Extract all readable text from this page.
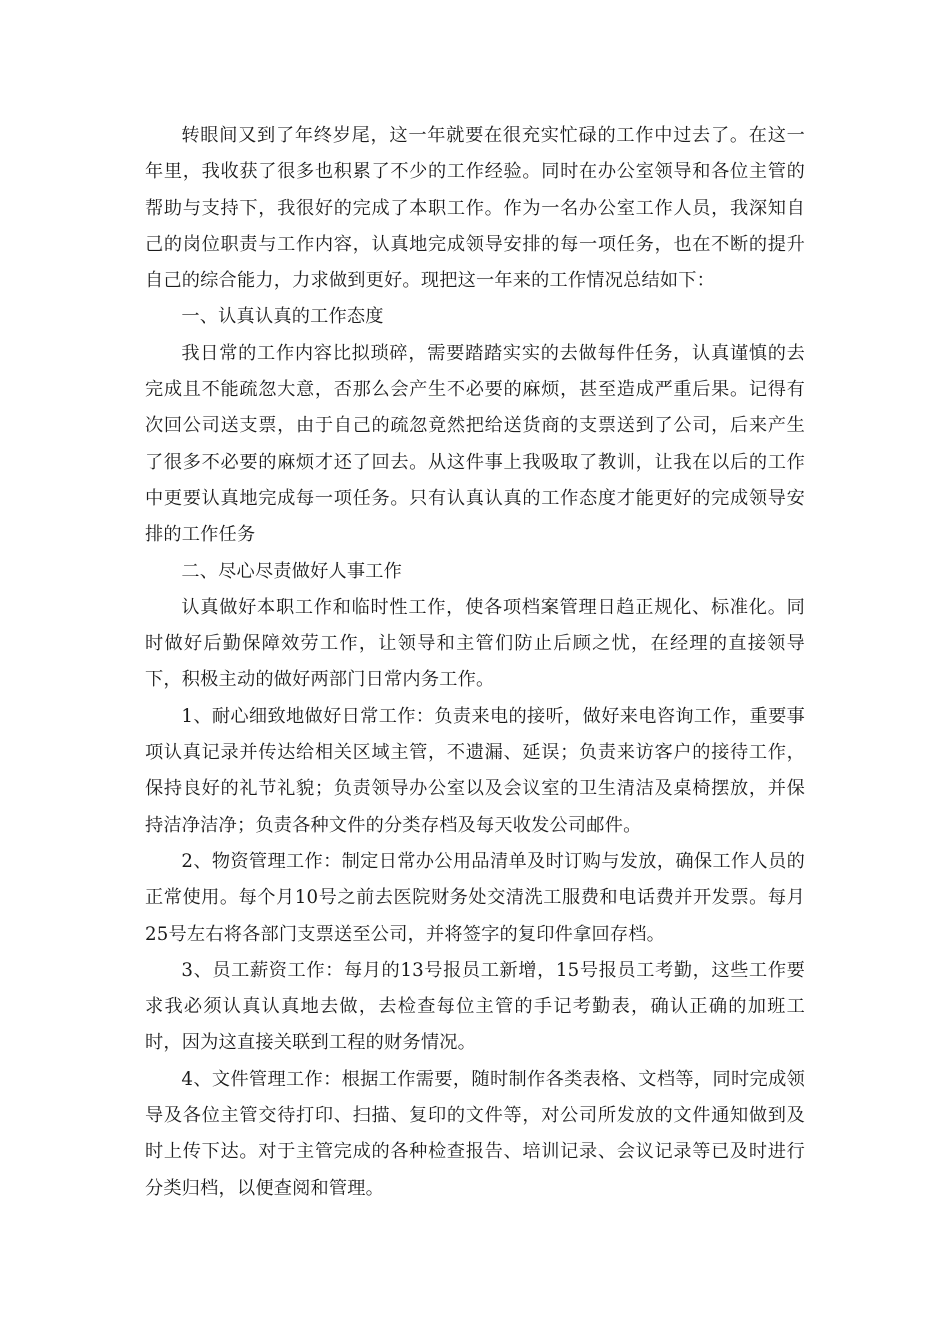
转眼间又到了年终岁尾，这一年就要在很充实忙碌的工作中过去了。在这一年里，我收获了很多也积累了不少的工作经验。同时在办公室领导和各位主管的帮助与支持下，我很好的完成了本职工作。作为一名办公室工作人员，我深知自己的岗位职责与工作内容，认真地完成领导安排的每一项任务，也在不断的提升自己的综合能力，力求做到更好。现把这一年来的工作情况总结如下：

一、认真认真的工作态度

我日常的工作内容比拟琐碎，需要踏踏实实的去做每件任务，认真谨慎的去完成且不能疏忽大意，否那么会产生不必要的麻烦，甚至造成严重后果。记得有次回公司送支票，由于自己的疏忽竟然把给送货商的支票送到了公司，后来产生了很多不必要的麻烦才还了回去。从这件事上我吸取了教训，让我在以后的工作中更要认真地完成每一项任务。只有认真认真的工作态度才能更好的完成领导安排的工作任务

二、尽心尽责做好人事工作

认真做好本职工作和临时性工作，使各项档案管理日趋正规化、标准化。同时做好后勤保障效劳工作，让领导和主管们防止后顾之忧，在经理的直接领导下，积极主动的做好两部门日常内务工作。

1、耐心细致地做好日常工作：负责来电的接听，做好来电咨询工作，重要事项认真记录并传达给相关区域主管，不遗漏、延误；负责来访客户的接待工作，保持良好的礼节礼貌；负责领导办公室以及会议室的卫生清洁及桌椅摆放，并保持洁净洁净；负责各种文件的分类存档及每天收发公司邮件。

2、物资管理工作：制定日常办公用品清单及时订购与发放，确保工作人员的正常使用。每个月10号之前去医院财务处交清洗工服费和电话费并开发票。每月25号左右将各部门支票送至公司，并将签字的复印件拿回存档。

3、员工薪资工作：每月的13号报员工新增，15号报员工考勤，这些工作要求我必须认真认真地去做，去检查每位主管的手记考勤表，确认正确的加班工时，因为这直接关联到工程的财务情况。

4、文件管理工作：根据工作需要，随时制作各类表格、文档等，同时完成领导及各位主管交待打印、扫描、复印的文件等，对公司所发放的文件通知做到及时上传下达。对于主管完成的各种检查报告、培训记录、会议记录等已及时进行分类归档，以便查阅和管理。
